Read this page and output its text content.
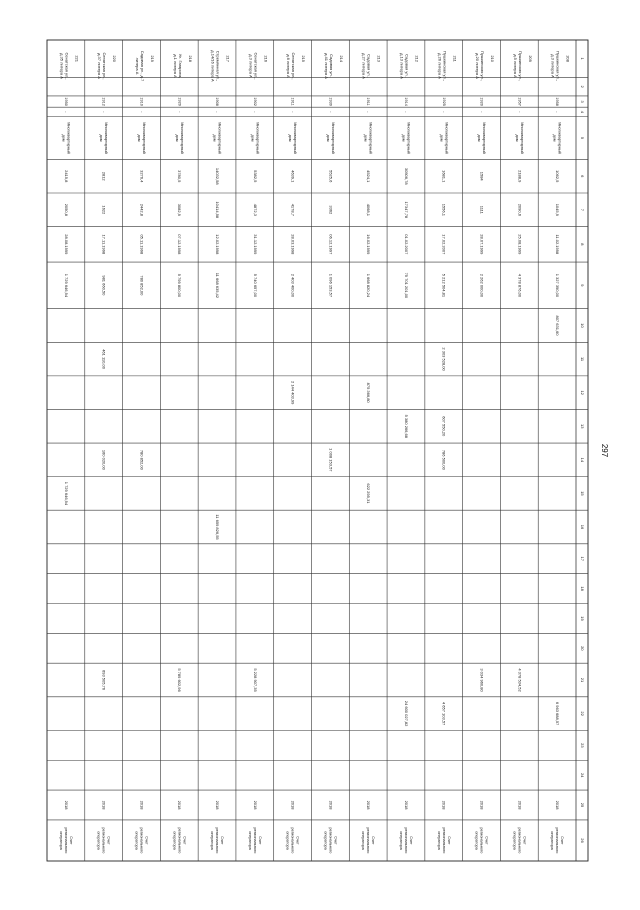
1
2
3
4
5
6
7
8
9
10
11
12
13
14
15
16
17
18
19
20
21
22
23
24
25
26
208
Пушкинская ул.,
д.3 литера А
1958
-
Многоквартирный
дом
1062,5
1045,9
11.02.1998
1 327 390,00
807 631,60
6 963 688,57
2018
Счет
регионального
оператора
209
Пушкинская ул.,
д.5 литера А
1957
-
Многоквартирный
дом
2188,9
2090,6
25.08.1999
4 378 876,00
4 378 534,52
2018
Счет
регионального
оператора
210
Пушкинская ул.,
д.20 литера А
1920
-
Многоквартирный
дом
1584
1111
28.07.1999
2 262 000,00
3 034 960,80
2018
Счет
регионального
оператора
211
Пушкинская ул.,
д.26 литера А
1925
-
Многоквартирный
дом
1681,1
1556,1
17.02.2007
5 212 504,81
2 303 528,00
607 550,20
786 500,00
4 657 103,57
2018
Счет
регионального
оператора
212
Садовая ул.,
д.13 литера А
1914
-
Многоквартирный
дом
30506,78
17347,78
01.02.2007
75 701 201,00
5 380 266,68
24 600 027,82
2018
Счет
регионального
оператора
213
Садовая ул.,
д.27 литера А
1911
-
Многоквартирный
дом
4524,1
4068,1
16.02.1999
1 668 820,24
875 366,80
622 295,31
2018
Счет
регионального
оператора
214
Садовая ул.,
д.41 литера А
1939
-
Многоквартирный
дом
5525,6
3362
06.12.1997
1 096 153,57
1 008 153,57
2018
Счет
регионального
оператора
215
Сенатская ул.,
д.6 литера А
1911
-
Многоквартирный
дом
4639,1
4178,7
28.03.1998
2 403 400,00
2 144 403,99
2018
Счет
регионального
оператора
216
Сенатская ул.,
д.3 литера А
1902
-
Многоквартирный
дом
5382,5
4872,3
31.12.1999
5 740 657,00
5 228 907,35
2018
Счет
регионального
оператора
217
Стремянная ул.,
д.14/16 литера А
1908
-
Многоквартирный
дом
14032,58
10414,58
12.02.1998
11 668 635,42
11 659 826,55
2018
Счет
регионального
оператора
218
Ул. Гагарина,
д.1 литера А
1929
-
Многоквартирный
дом
3780,5
3082,9
07.12.1998
5 799 800,00
5 789 602,96
2018
Счет
регионального
оператора
219
Садовая ул., д.7
литера А
1910
-
Многоквартирный
дом
3276,4
2442,8
05.11.1998
780 852,00
780 852,00
2018
Счет
регионального
оператора
220
Сенатская ул.,
д.37 литера А
1912
-
Многоквартирный
дом
2812
1622
17.11.1998
981 660,50
461 110,00
160 020,00
693 505,76
2018
Счет
регионального
оператора
221
Сенатская ул.,
д.35 литера А
1950
-
Многоквартирный
дом
2415,8
2050,8
28.08.1999
1 729 646,94
1 729 646,94
2018
Счет
регионального
оператора
297
